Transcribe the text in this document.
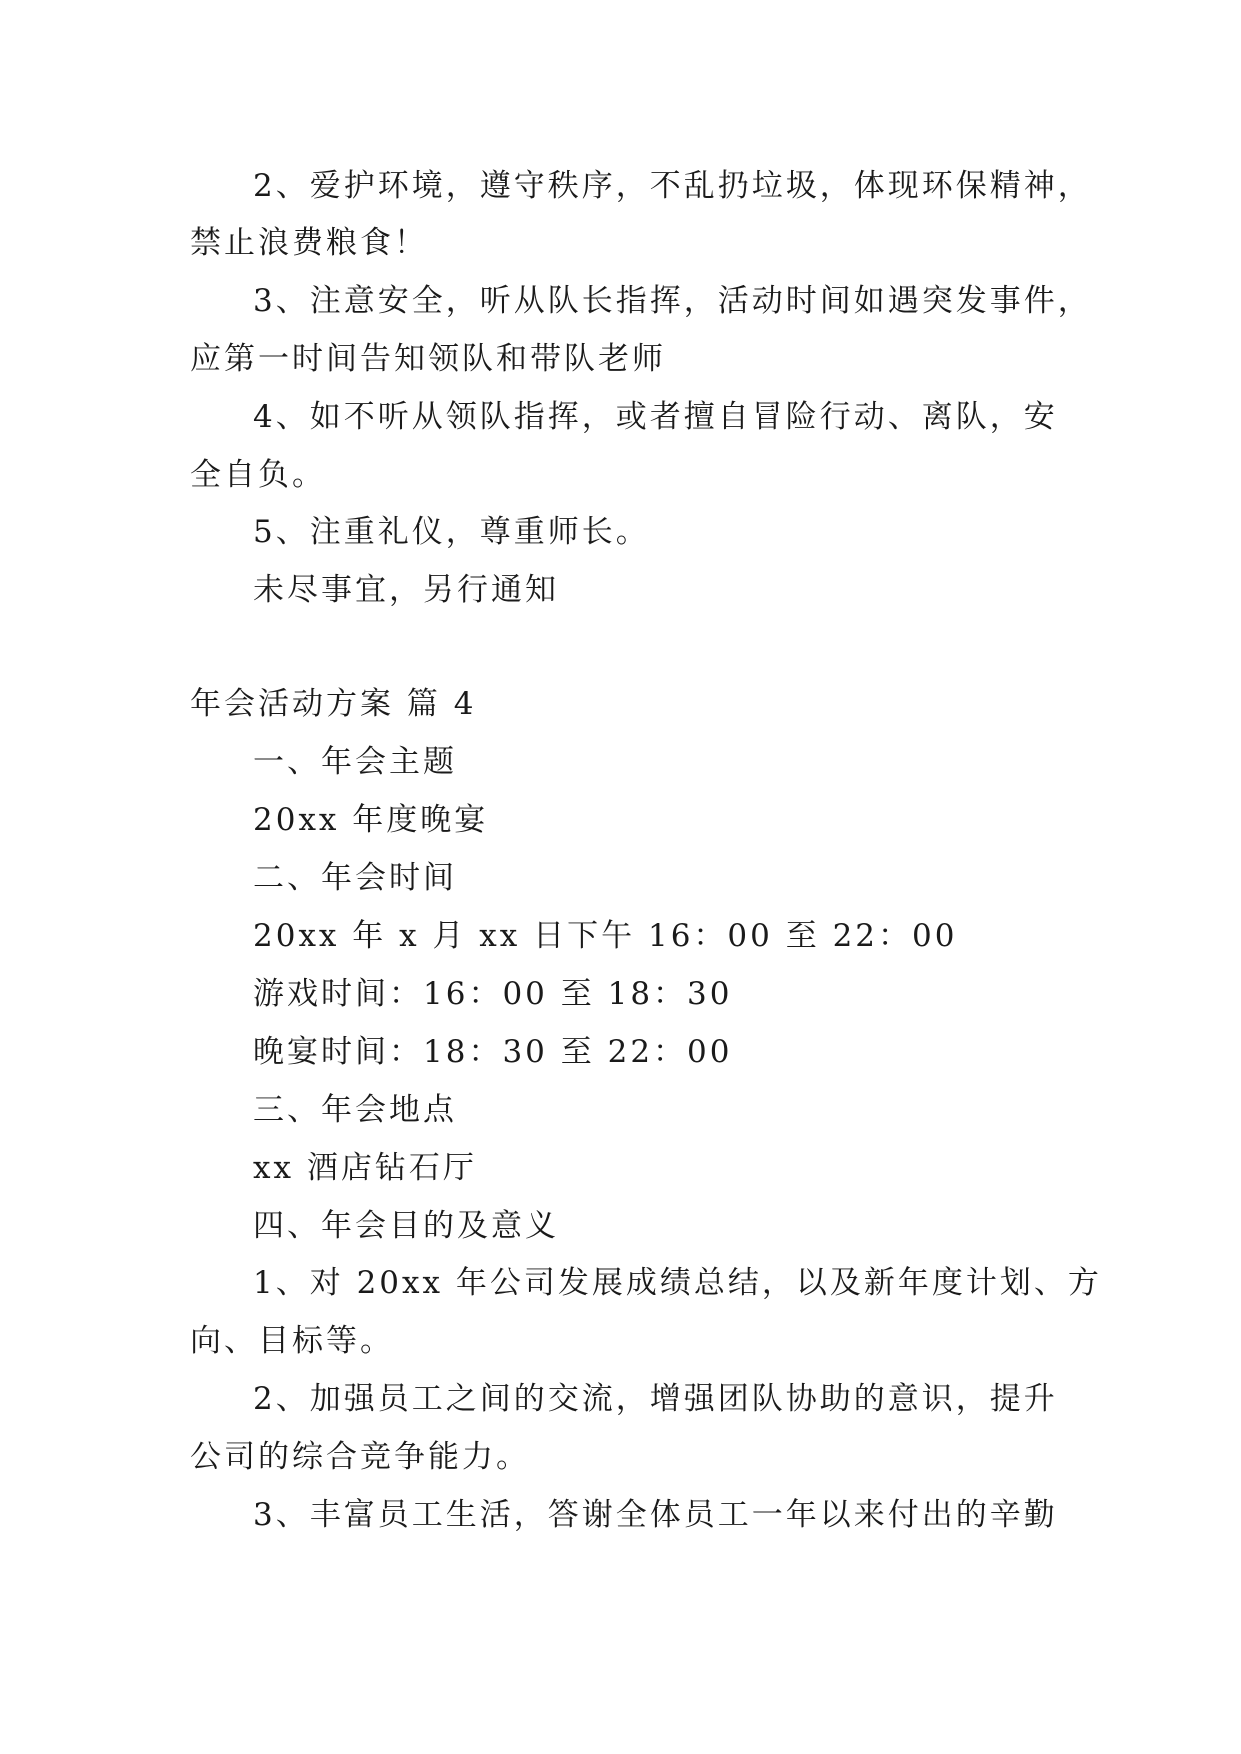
2、爱护环境，遵守秩序，不乱扔垃圾，体现环保精神，
禁止浪费粮食！
3、注意安全，听从队长指挥，活动时间如遇突发事件，
应第一时间告知领队和带队老师
4、如不听从领队指挥，或者擅自冒险行动、离队，安
全自负。
5、注重礼仪，尊重师长。
未尽事宜，另行通知
年会活动方案 篇 4
一、年会主题
20xx 年度晚宴
二、年会时间
20xx 年 x 月 xx 日下午 16：00 至 22：00
游戏时间：16：00 至 18：30
晚宴时间：18：30 至 22：00
三、年会地点
xx 酒店钻石厅
四、年会目的及意义
1、对 20xx 年公司发展成绩总结，以及新年度计划、方
向、目标等。
2、加强员工之间的交流，增强团队协助的意识，提升
公司的综合竞争能力。
3、丰富员工生活，答谢全体员工一年以来付出的辛勤
